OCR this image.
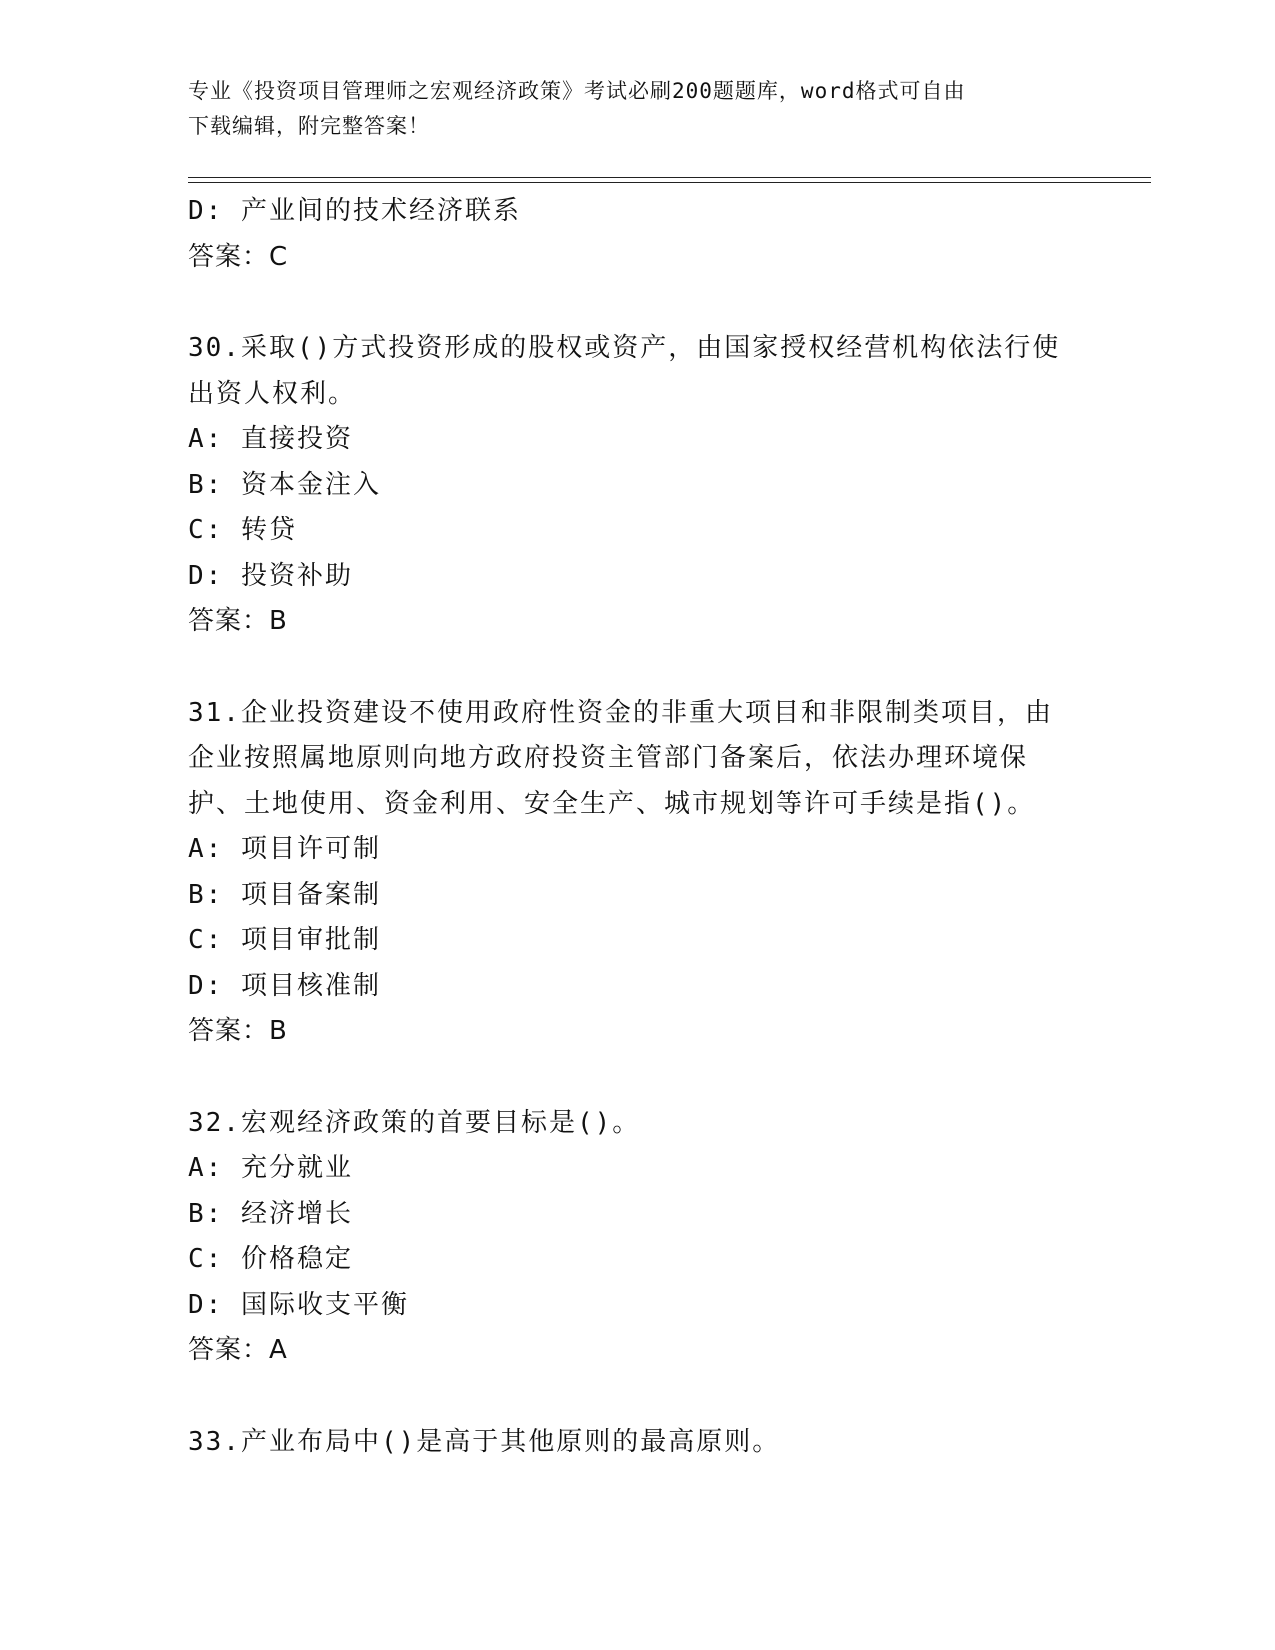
专业《投资项目管理师之宏观经济政策》考试必刷200题题库，word格式可自由
下载编辑，附完整答案！
D: 产业间的技术经济联系
答案：C
30.采取()方式投资形成的股权或资产，由国家授权经营机构依法行使
出资人权利。
A: 直接投资
B: 资本金注入
C: 转贷
D: 投资补助
答案：B
31.企业投资建设不使用政府性资金的非重大项目和非限制类项目，由
企业按照属地原则向地方政府投资主管部门备案后，依法办理环境保
护、土地使用、资金利用、安全生产、城市规划等许可手续是指()。
A: 项目许可制
B: 项目备案制
C: 项目审批制
D: 项目核准制
答案：B
32.宏观经济政策的首要目标是()。
A: 充分就业
B: 经济增长
C: 价格稳定
D: 国际收支平衡
答案：A
33.产业布局中()是高于其他原则的最高原则。
